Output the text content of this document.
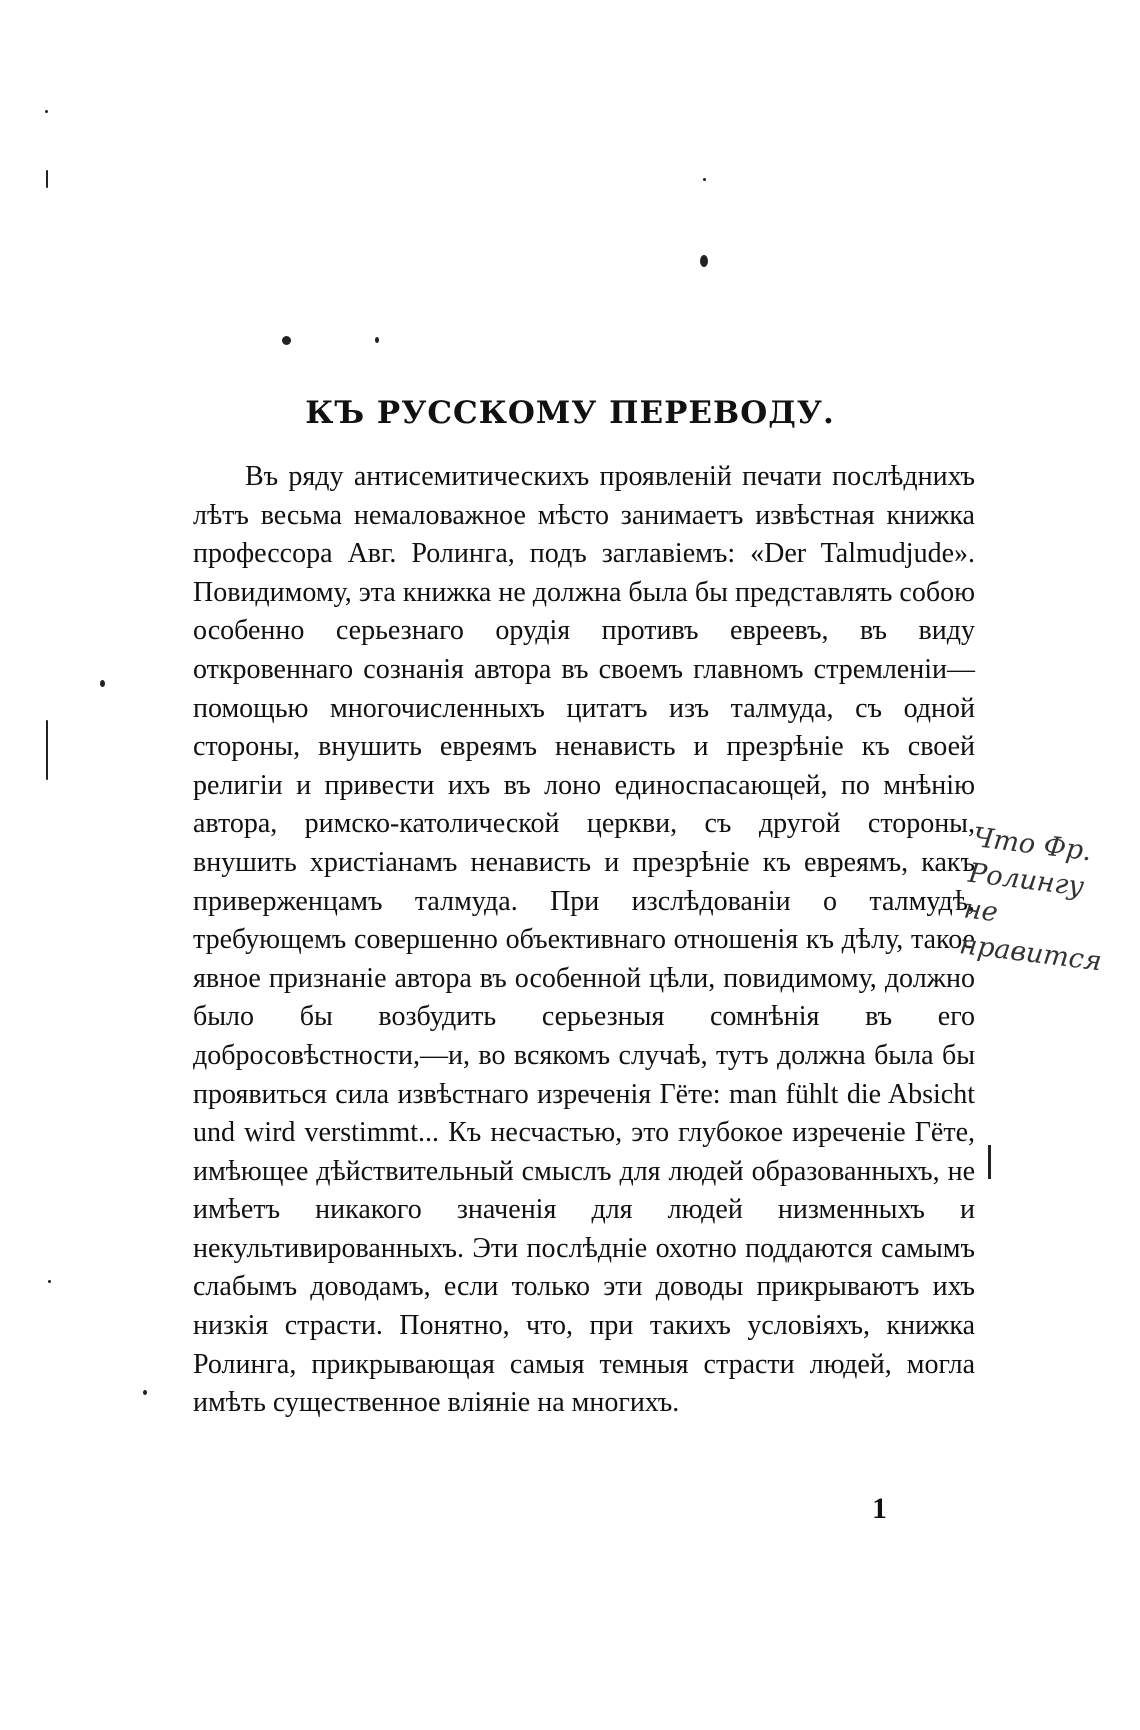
КЪ РУССКОМУ ПЕРЕВОДУ.

Въ ряду антисемитическихъ проявленій печати послѣднихъ лѣтъ весьма немаловажное мѣсто занимаетъ извѣстная книжка профессора Авг. Ролинга, подъ заглавіемъ: «Der Talmudjude». Повидимому, эта книжка не должна была бы представлять собою особенно серьезнаго орудія противъ евреевъ, въ виду откровеннаго сознанія автора въ своемъ главномъ стремленіи—помощью многочисленныхъ цитатъ изъ талмуда, съ одной стороны, внушить евреямъ ненависть и презрѣніе къ своей религіи и привести ихъ въ лоно единоспасающей, по мнѣнію автора, римско-католической церкви, съ другой стороны, внушить христіанамъ ненависть и презрѣніе къ евреямъ, какъ приверженцамъ талмуда. При изслѣдованіи о талмудѣ, требующемъ совершенно объективнаго отношенія къ дѣлу, такое явное признаніе автора въ особенной цѣли, повидимому, должно было бы возбудить серьезныя сомнѣнія въ его добросовѣстности,—и, во всякомъ случаѣ, тутъ должна была бы проявиться сила извѣстнаго изреченія Гёте: man fühlt die Absicht und wird verstimmt... Къ несчастью, это глубокое изреченіе Гёте, имѣющее дѣйствительный смыслъ для людей образованныхъ, не имѣетъ никакого значенія для людей низменныхъ и некультивированныхъ. Эти послѣдніе охотно поддаются самымъ слабымъ доводамъ, если только эти доводы прикрываютъ ихъ низкія страсти. Понятно, что, при такихъ условіяхъ, книжка Ролинга, прикрывающая самыя темныя страсти людей, могла имѣть существенное вліяніе на многихъ.

Что Фр. Ролингу не нравится
1
